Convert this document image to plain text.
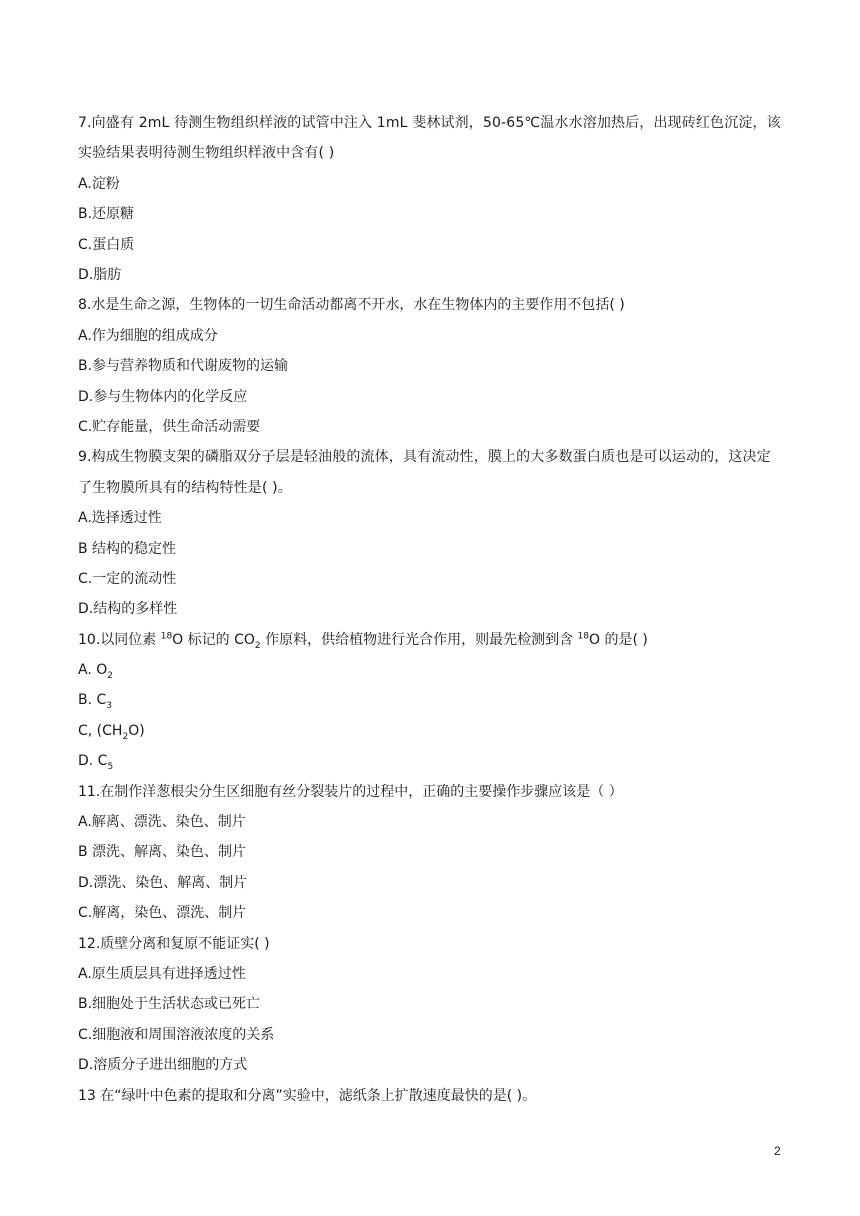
7.向盛有 2mL 待测生物组织样液的试管中注入 1mL 斐林试剂，50-65℃温水水溶加热后，出现砖红色沉淀，该实验结果表明待测生物组织样液中含有( )
A.淀粉
B.还原糖
C.蛋白质
D.脂肪
8.水是生命之源，生物体的一切生命活动都离不开水，水在生物体内的主要作用不包括( )
A.作为细胞的组成成分
B.参与营养物质和代谢废物的运输
D.参与生物体内的化学反应
C.贮存能量，供生命活动需要
9.构成生物膜支架的磷脂双分子层是轻油般的流体，具有流动性，膜上的大多数蛋白质也是可以运动的，这决定了生物膜所具有的结构特性是( )。
A.选择透过性
B 结构的稳定性
C.一定的流动性
D.结构的多样性
10.以同位素 $^{18}$O 标记的 $CO_2$ 作原料，供给植物进行光合作用，则最先检测到含 $^{18}$O 的是( )
A. $O_2$
B. $C_3$
C, $(CH_2O)$
D. $C_5$
11.在制作洋葱根尖分生区细胞有丝分裂装片的过程中，正确的主要操作步骤应该是（ ）
A.解离、漂洗、染色、制片
B 漂洗、解离、染色、制片
D.漂洗、染色、解离、制片
C.解离，染色、漂洗、制片
12.质壁分离和复原不能证实( )
A.原生质层具有进择透过性
B.细胞处于生活状态或已死亡
C.细胞液和周围溶液浓度的关系
D.溶质分子进出细胞的方式
13 在“绿叶中色素的提取和分离”实验中，滤纸条上扩散速度最快的是( )。
2
